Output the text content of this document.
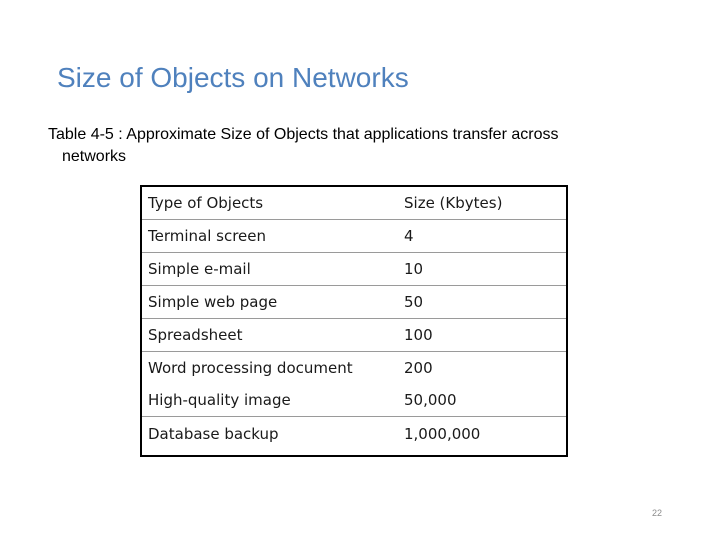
Size of Objects on Networks
Table 4-5 : Approximate Size of Objects that applications transfer across
networks
Type of Objects	Size (Kbytes)
Terminal screen	4
Simple e-mail	10
Simple web page	50
Spreadsheet	100
Word processing document	200
High-quality image	50,000
Database backup	1,000,000
22
